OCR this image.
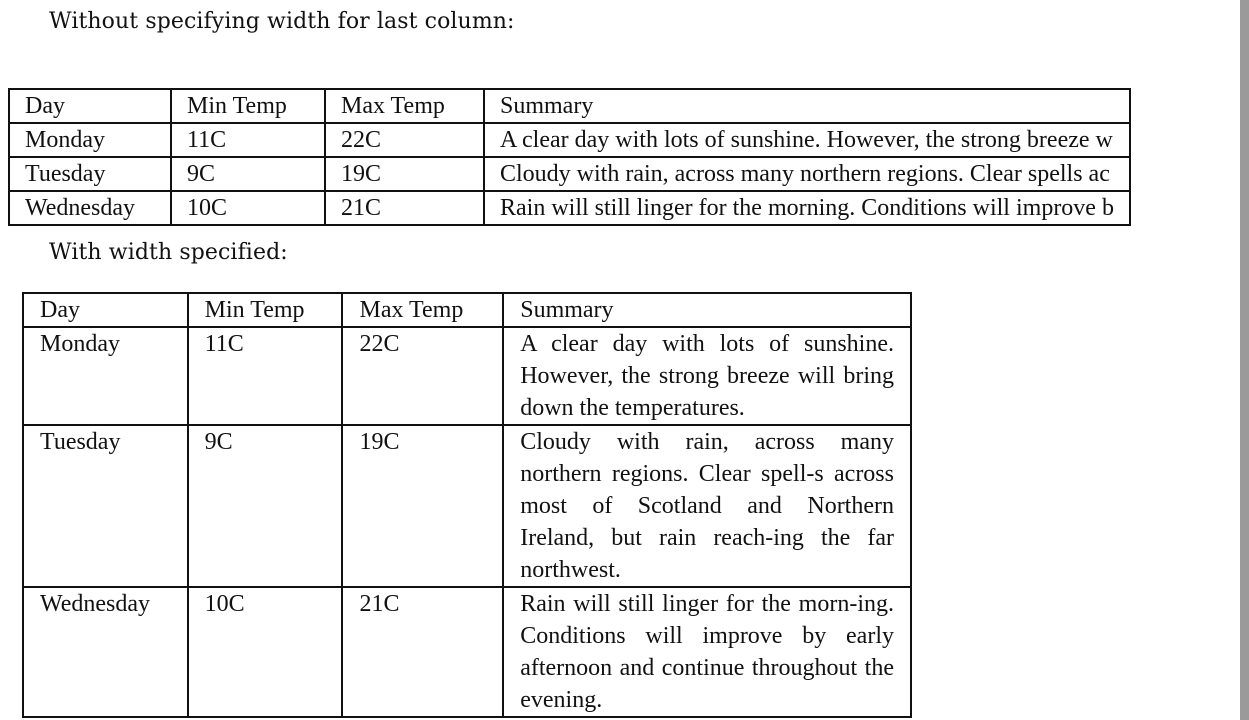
Without specifying width for last column:
Day	Min Temp	Max Temp	Summary
Monday	11C	22C	A clear day with lots of sunshine. However, the strong breeze w
Tuesday	9C	19C	Cloudy with rain, across many northern regions. Clear spells ac
Wednesday	10C	21C	Rain will still linger for the morning. Conditions will improve b
With width specified:
Day	Min Temp	Max Temp	Summary
Monday	11C	22C	A clear day with lots of sunshine. However, the strong breeze will bring down the temperatures.
Tuesday	9C	19C	Cloudy with rain, across many northern regions. Clear spell-s across most of Scotland and Northern Ireland, but rain reach-ing the far northwest.
Wednesday	10C	21C	Rain will still linger for the morn-ing. Conditions will improve by early afternoon and continue throughout the evening.
